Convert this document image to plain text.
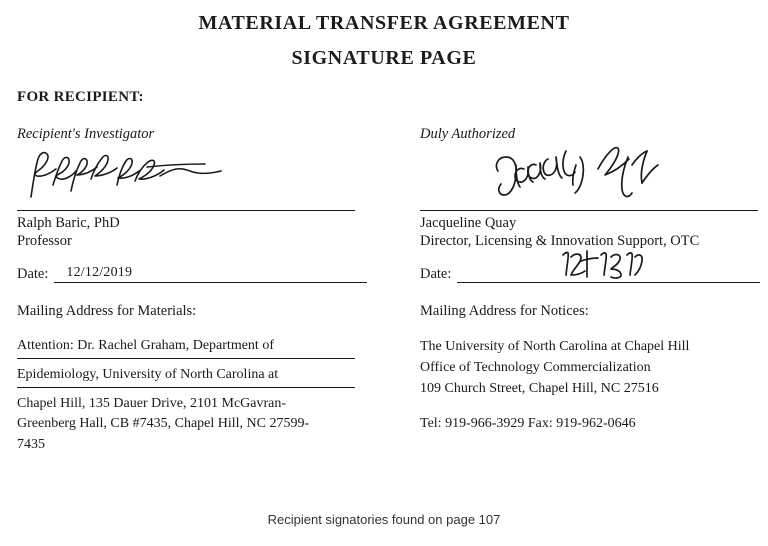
MATERIAL TRANSFER AGREEMENT
SIGNATURE PAGE
FOR RECIPIENT:
Recipient's Investigator
Ralph Baric, PhD
Professor
Date: 12/12/2019
Mailing Address for Materials:
Attention: Dr. Rachel Graham, Department of
Epidemiology, University of North Carolina at
Chapel Hill, 135 Dauer Drive, 2101 McGavran-
Greenberg Hall, CB #7435, Chapel Hill, NC 27599-
7435
Duly Authorized
Jacqueline Quay
Director, Licensing & Innovation Support, OTC
Date:
Mailing Address for Notices:
The University of North Carolina at Chapel Hill
Office of Technology Commercialization
109 Church Street, Chapel Hill, NC 27516
Tel: 919-966-3929 Fax: 919-962-0646
Recipient signatories found on page 107
